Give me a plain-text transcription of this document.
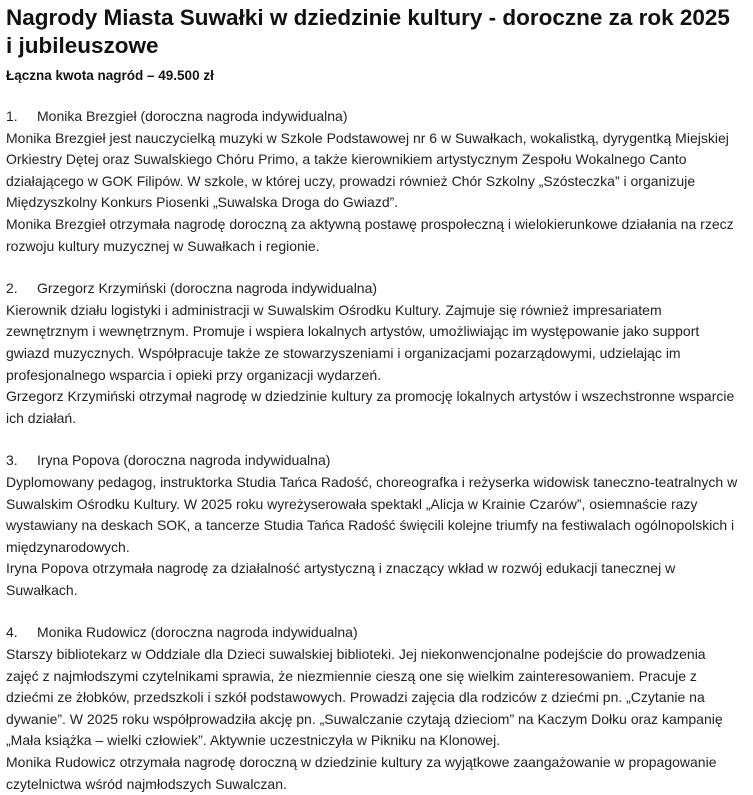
Nagrody Miasta Suwałki w dziedzinie kultury - doroczne za rok 2025 i jubileuszowe

Łączna kwota nagród – 49.500 zł

1.	Monika Brezgieł (doroczna nagroda indywidualna)

Monika Brezgieł jest nauczycielką muzyki w Szkole Podstawowej nr 6 w Suwałkach, wokalistką, dyrygentką Miejskiej Orkiestry Dętej oraz Suwalskiego Chóru Primo, a także kierownikiem artystycznym Zespołu Wokalnego Canto działającego w GOK Filipów. W szkole, w której uczy, prowadzi również Chór Szkolny „Szósteczka” i organizuje Międzyszkolny Konkurs Piosenki „Suwalska Droga do Gwiazd”.

Monika Brezgieł otrzymała nagrodę doroczną za aktywną postawę prospołeczną i wielokierunkowe działania na rzecz rozwoju kultury muzycznej w Suwałkach i regionie.

2.	Grzegorz Krzymiński (doroczna nagroda indywidualna)

Kierownik działu logistyki i administracji w Suwalskim Ośrodku Kultury. Zajmuje się również impresariatem zewnętrznym i wewnętrznym. Promuje i wspiera lokalnych artystów, umożliwiając im występowanie jako support gwiazd muzycznych. Współpracuje także ze stowarzyszeniami i organizacjami pozarządowymi, udzielając im profesjonalnego wsparcia i opieki przy organizacji wydarzeń.

Grzegorz Krzymiński otrzymał nagrodę w dziedzinie kultury za promocję lokalnych artystów i wszechstronne wsparcie ich działań.

3.	Iryna Popova (doroczna nagroda indywidualna)

Dyplomowany pedagog, instruktorka Studia Tańca Radość, choreografka i reżyserka widowisk taneczno-teatralnych w Suwalskim Ośrodku Kultury. W 2025 roku wyreżyserowała spektakl „Alicja w Krainie Czarów”, osiemnaście razy wystawiany na deskach SOK, a tancerze Studia Tańca Radość święcili kolejne triumfy na festiwalach ogólnopolskich i międzynarodowych.

Iryna Popova otrzymała nagrodę za działalność artystyczną i znaczący wkład w rozwój edukacji tanecznej w Suwałkach.

4.	Monika Rudowicz (doroczna nagroda indywidualna)

Starszy bibliotekarz w Oddziale dla Dzieci suwalskiej biblioteki. Jej niekonwencjonalne podejście do prowadzenia zajęć z najmłodszymi czytelnikami sprawia, że niezmiennie cieszą one się wielkim zainteresowaniem. Pracuje z dziećmi ze żłobków, przedszkoli i szkół podstawowych. Prowadzi zajęcia dla rodziców z dziećmi pn. „Czytanie na dywanie”. W 2025 roku współprowadziła akcję pn. „Suwalczanie czytają dzieciom” na Kaczym Dołku oraz kampanię „Mała książka – wielki człowiek”. Aktywnie uczestniczyła w Pikniku na Klonowej.

Monika Rudowicz otrzymała nagrodę doroczną w dziedzinie kultury za wyjątkowe zaangażowanie w propagowanie czytelnictwa wśród najmłodszych Suwalczan.
